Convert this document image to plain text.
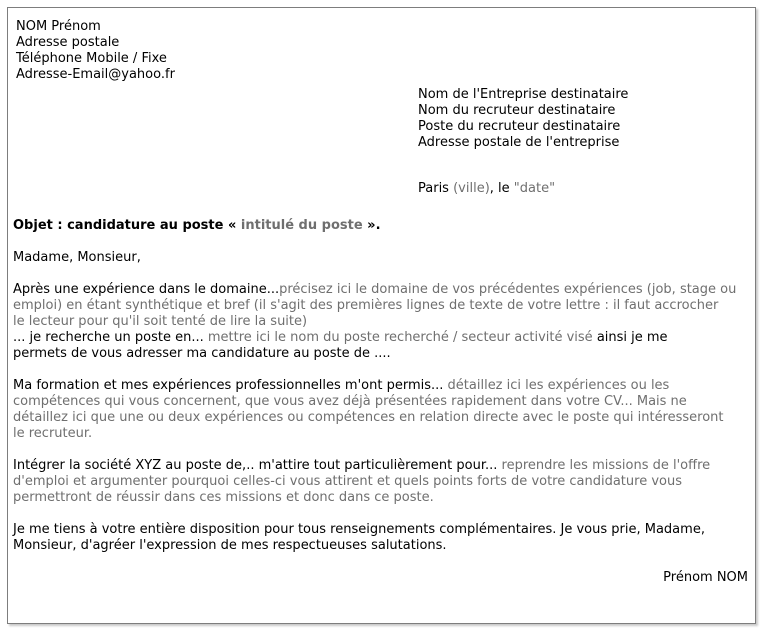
NOM Prénom
Adresse postale
Téléphone Mobile / Fixe
Adresse-Email@yahoo.fr
Nom de l'Entreprise destinataire
Nom du recruteur destinataire
Poste du recruteur destinataire
Adresse postale de l'entreprise
Paris (ville), le "date"
Objet : candidature au poste « intitulé du poste ».
Madame, Monsieur,
Après une expérience dans le domaine...précisez ici le domaine de vos précédentes expériences (job, stage ou
emploi) en étant synthétique et bref (il s'agit des premières lignes de texte de votre lettre : il faut accrocher
le lecteur pour qu'il soit tenté de lire la suite)
... je recherche un poste en... mettre ici le nom du poste recherché / secteur activité visé ainsi je me
permets de vous adresser ma candidature au poste de ....
Ma formation et mes expériences professionnelles m'ont permis... détaillez ici les expériences ou les
compétences qui vous concernent, que vous avez déjà présentées rapidement dans votre CV... Mais ne
détaillez ici que une ou deux expériences ou compétences en relation directe avec le poste qui intéresseront
le recruteur.
Intégrer la société XYZ au poste de,.. m'attire tout particulièrement pour... reprendre les missions de l'offre
d'emploi et argumenter pourquoi celles-ci vous attirent et quels points forts de votre candidature vous
permettront de réussir dans ces missions et donc dans ce poste.
Je me tiens à votre entière disposition pour tous renseignements complémentaires. Je vous prie, Madame,
Monsieur, d'agréer l'expression de mes respectueuses salutations.
Prénom NOM
